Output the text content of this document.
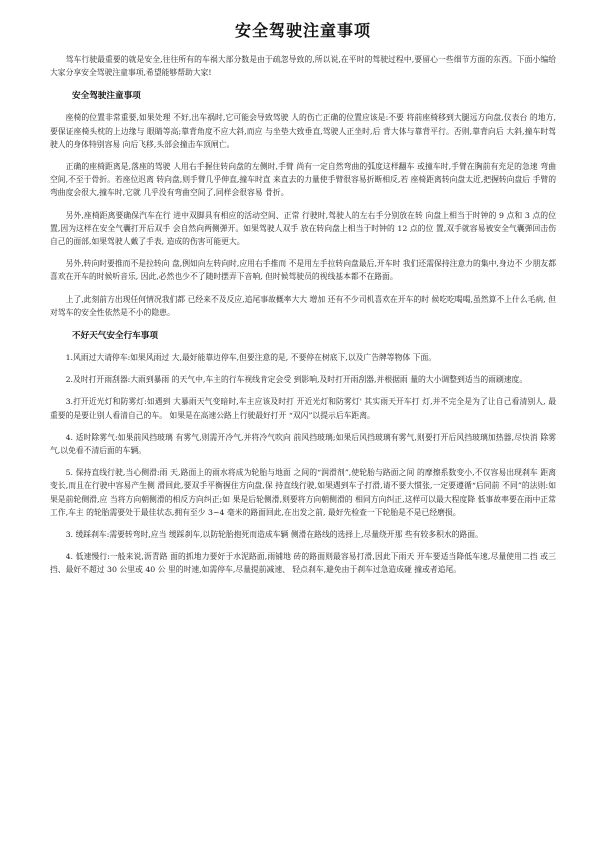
安全驾驶注童事项

驾车行驶最重要的就是安全,往往所有的车祸大部分数是由于疏忽导致的,所以说,在平时的驾驶过程中,要留心一些细节方面的东西。下面小编给大家分享安全驾驶注童事项,希望能够帮助大家!

安全驾驶注童事项

座椅的位置非常重要,如果处理 不好,出车祸时,它可能会导致驾驶 人的伤亡正确的位置应该是:不要 将前座椅移到大腿远方向盘,仪表台 的地方,要保证座椅头枕的上边缘与 眼睛等高;靠背角度不应大斜,而应 与坐垫大致垂直,驾驶人正坐时,后 背大体与靠背平行。否则,靠背向后 大斜,撞车时驾驶人的身体特别容易 向后飞移,头部会撞击车顶闸亡。

正确的座椅距离是,落座的驾驶 人用右手握住转向盘的左侧时,手臂 尚有一定自然弯曲的弧度这样翻车 或撞车时,手臂在胸前有充足的急速 弯曲空间,不至于骨折。若座位迟离 转向盘,则手臂几乎伸直,撞车时直 来直去的力量使手臂很容易折断相反,若 座椅距离转向盘太近,把握转向盘后 手臂的弯曲度会很大,撞车时,它就 几乎没有弯曲空间了,同样会很容易 骨折。

另外,座椅距离要确保汽车在行 进中双脚具有相应的活动空间、正常 行驶时,驾驶人的左右手分别放在转 向盘上相当于时钟的 9 点和 3 点的位 置,因为这样在安全气囊打开后双手 会自然向两侧弹开。如果驾驶人双手 放在转向盘上相当于时钟的 12 点的位 置,双手就容易被安全气囊弹回击伤 自己的面部,如果驾驶人戴了手表, 造成的伤害可能更大。

另外,转向时要推而不是拉转向 盘,例如向左转向时,应用右手推而 不是用左手拉转向盘最后,开车时 我们还需保持注意力的集中,身边不 少朋友都喜欢在开车的时候听音乐, 因此,必然也少不了随时摆弄下音响, 但时候驾驶员的视线基本都不在路面。

上了,此刻前方出现任何情况我们都 已经来不及反应,追尾事故概率大大 增加 还有不少司机喜欢在开车的时 候吃吃喝喝,虽然算不上什么毛病, 但对驾车的安全性依然是不小的隐患。

不好天气安全行车事项

1.风雨过大请停车:如果风雨过 大,最好能靠边停车,但要注意的是, 不要停在树底下,以及广告牌等物体 下面。

2.及时打开雨刮器:大雨到暴雨 的天气中,车主的行车视线肯定会受 到影响,及时打开雨刮器,并根据雨 量的大小调整到适当的雨刷速度。

3.打开近光灯和防雾灯:如遇到 大暴雨天气变暗时,车主应该及时打 开近光灯和防雾灯' 其实雨天开车打 灯,并不完全是为了让自己看清别人, 最重要的是要让别人看清自己的车。 如果是在高速公路上行驶最好打开 “双闪”以提示后车距离。

4. 适时除雾气:如果前风挡玻璃 有雾气,则需开冷气,并将冷气吹向 前风挡玻璃;如果后风挡玻璃有雾气,则要打开后风挡玻璃加热器,尽快消 除雾气,以免看不清后面的车辆。

5. 保持直线行驶,当心侧滑:雨 天,路面上的雨水将成为轮胎与地面 之间的“润滑剂”,使轮胎与路面之间 的摩擦系数变小,不仅容易出现刹车 距离变长,而且在行驶中容易产生侧 滑回此,要双手平衡握住方向盘,保 持直线行驶,如果遇到车子打滑,请不要大惯张,一定要遵循“后同前 不同”的法则:如果是前轮侧滑,应 当将方向朝侧滑的相反方向纠正;如 果是后轮侧滑,则要将方向朝侧滑的 相同方向纠正,这样可以最大程度降 低事故率要在雨中正常工作,车主 的轮胎需要处于最佳状态,拥有至少 3~4 毫米的路面回此,在出发之前, 最好先检查一下轮胎是不是已经磨损。

3. 缓踩刹车:需要转弯时,应当 缓踩刹车,以防轮胎抱死而造成车辆 侧滑在路线的选择上,尽量绕开那 些有较多积水的路面。

4. 低速慢行:一般来说,沥青路 面的抓地力要好于水泥路面,雨铺地 砖的路面则最容易打滑,因此下雨天 开车要适当降低车速,尽量使用二挡 或三挡、最好不超过 30 公里或 40 公 里的时速,如需停车,尽量提前减速、 轻点刹车,避免由于刹车过急造成碰 撞或者追尾。
